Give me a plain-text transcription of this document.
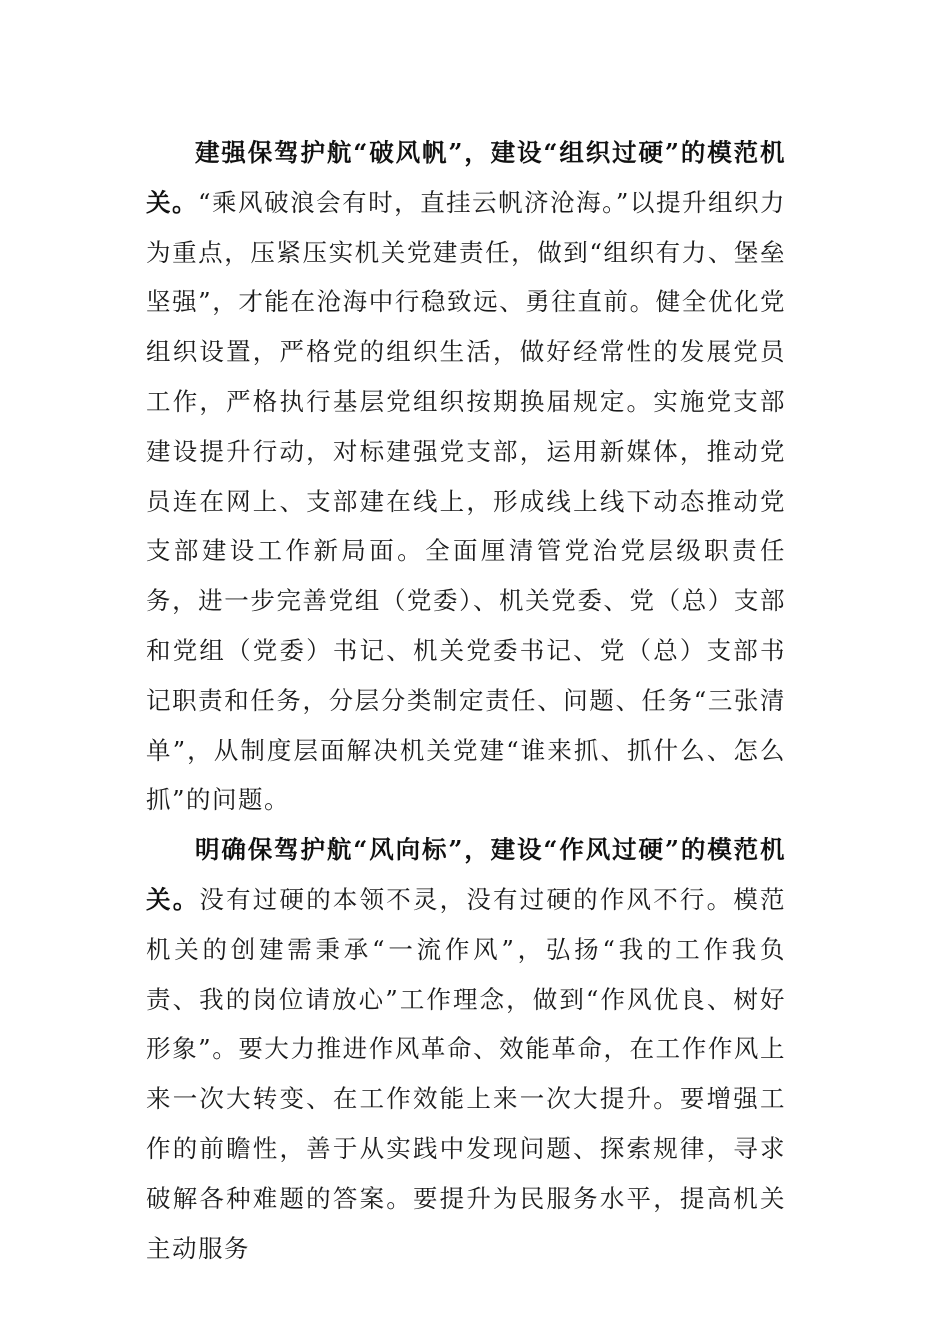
建强保驾护航“破风帆”，建设“组织过硬”的模范机关。“乘风破浪会有时，直挂云帆济沧海。”以提升组织力为重点，压紧压实机关党建责任，做到“组织有力、堡垒坚强”，才能在沧海中行稳致远、勇往直前。健全优化党组织设置，严格党的组织生活，做好经常性的发展党员工作，严格执行基层党组织按期换届规定。实施党支部建设提升行动，对标建强党支部，运用新媒体，推动党员连在网上、支部建在线上，形成线上线下动态推动党支部建设工作新局面。全面厘清管党治党层级职责任务，进一步完善党组（党委）、机关党委、党（总）支部和党组（党委）书记、机关党委书记、党（总）支部书记职责和任务，分层分类制定责任、问题、任务“三张清单”，从制度层面解决机关党建“谁来抓、抓什么、怎么抓”的问题。

明确保驾护航“风向标”，建设“作风过硬”的模范机关。没有过硬的本领不灵，没有过硬的作风不行。模范机关的创建需秉承“一流作风”，弘扬“我的工作我负责、我的岗位请放心”工作理念，做到“作风优良、树好形象”。要大力推进作风革命、效能革命，在工作作风上来一次大转变、在工作效能上来一次大提升。要增强工作的前瞻性，善于从实践中发现问题、探索规律，寻求破解各种难题的答案。要提升为民服务水平，提高机关主动服务
